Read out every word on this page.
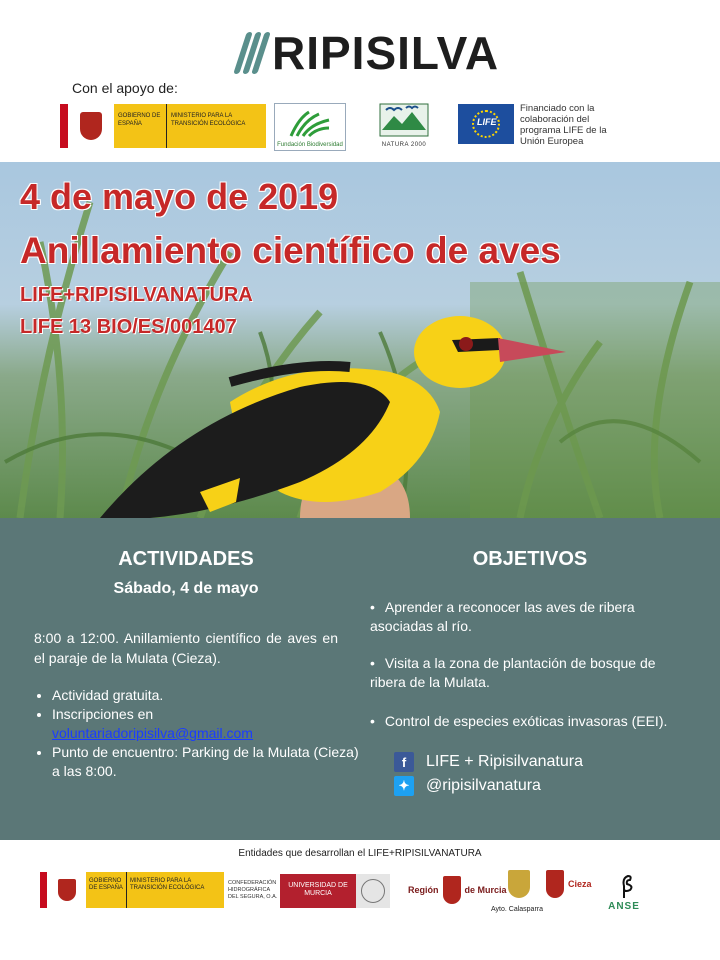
RIPISILVA
Con el apoyo de:
GOBIERNO DE ESPAÑA
MINISTERIO PARA LA TRANSICIÓN ECOLÓGICA
Fundación Biodiversidad	NATURA 2000
LIFE
Financiado con la colaboración del programa LIFE de la Unión Europea
LIFE+RIPISILVANATURA
LIFE 13 BIO/ES/001407
4 de mayo de 2019
Anillamiento científico de aves
ACTIVIDADES
Sábado, 4 de mayo
8:00 a 12:00. Anillamiento científico de aves en el paraje de la Mulata (Cieza).
• Actividad gratuita.
• Inscripciones en
voluntariadoripisilva@gmail.com
• Punto de encuentro: Parking de la Mulata (Cieza) a las 8:00.
OBJETIVOS
• Aprender a reconocer las aves de ribera asociadas al río.
• Visita a la zona de plantación de bosque de ribera de la Mulata.
• Control de especies exóticas invasoras (EEI).
f	LIFE + Ripisilvanatura
✦ @ripisilvanatura
Entidades que desarrollan el LIFE+RIPISILVANATURA
GOBIERNO DE ESPAÑA
MINISTERIO PARA LA TRANSICIÓN ECOLÓGICA
CONFEDERACIÓN HIDROGRÁFICA DEL SEGURA, O.A.
UNIVERSIDAD DE MURCIA	Región	de Murcia
Ayto. Calasparra
Cieza
ANSE
